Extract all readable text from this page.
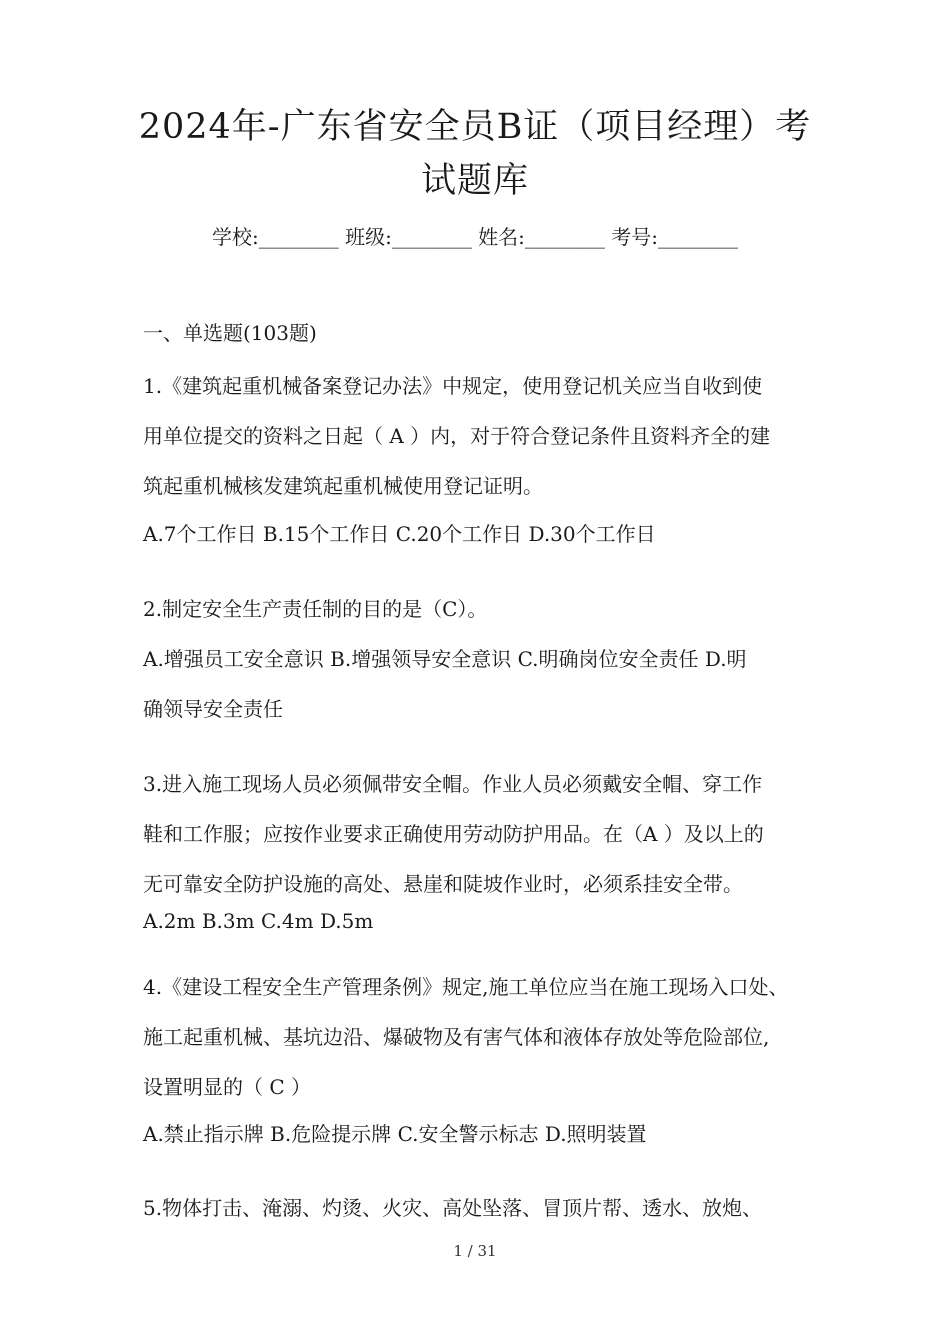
2024年-广东省安全员B证（项目经理）考
试题库
学校:________ 班级:________ 姓名:________ 考号:________
一、单选题(103题)
1.《建筑起重机械备案登记办法》中规定，使用登记机关应当自收到使
用单位提交的资料之日起（ A ）内，对于符合登记条件且资料齐全的建
筑起重机械核发建筑起重机械使用登记证明。
A.7个工作日 B.15个工作日 C.20个工作日 D.30个工作日
2.制定安全生产责任制的目的是（C）。
A.增强员工安全意识 B.增强领导安全意识 C.明确岗位安全责任 D.明
确领导安全责任
3.进入施工现场人员必须佩带安全帽。作业人员必须戴安全帽、穿工作
鞋和工作服；应按作业要求正确使用劳动防护用品。在（A ）及以上的
无可靠安全防护设施的高处、悬崖和陡坡作业时，必须系挂安全带。
A.2m B.3m C.4m D.5m
4.《建设工程安全生产管理条例》规定,施工单位应当在施工现场入口处、
施工起重机械、基坑边沿、爆破物及有害气体和液体存放处等危险部位,
设置明显的（ C ）
A.禁止指示牌 B.危险提示牌 C.安全警示标志 D.照明装置
5.物体打击、淹溺、灼烫、火灾、高处坠落、冒顶片帮、透水、放炮、
1 / 31
